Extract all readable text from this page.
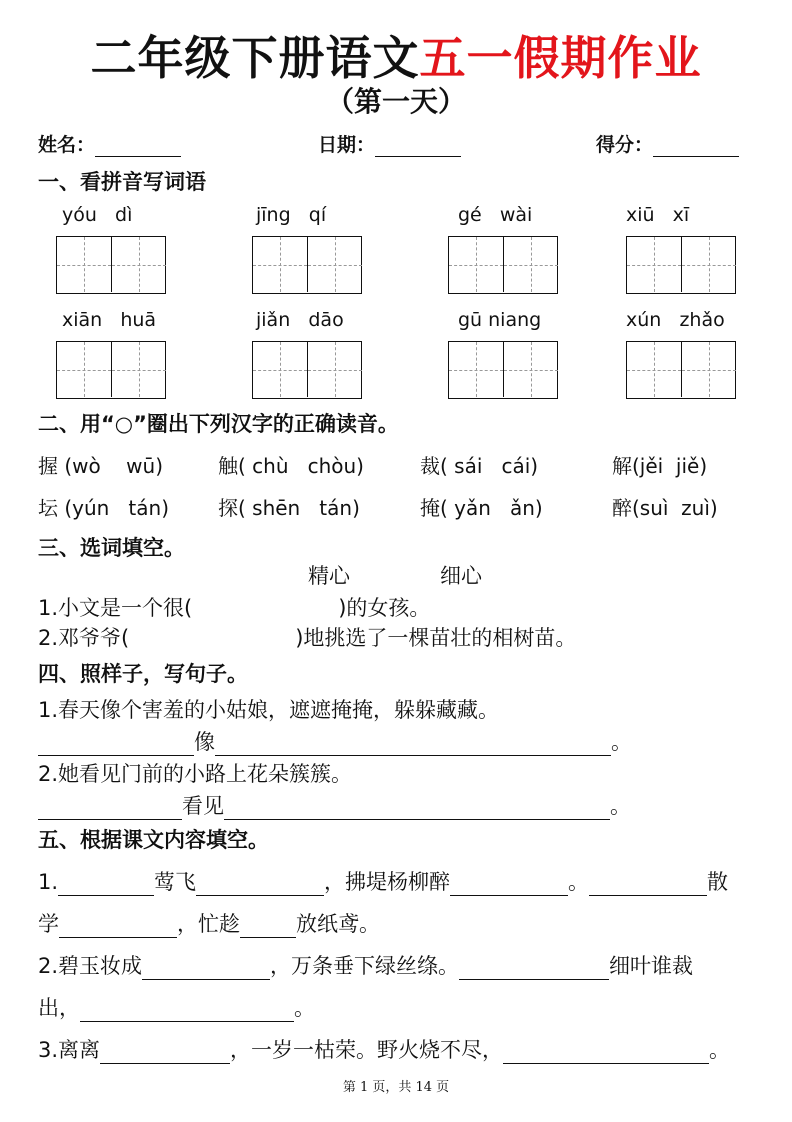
二年级下册语文五一假期作业
（第一天）
姓名：	日期：	得分：
一、看拼音写词语
yóu   dì	jīng   qí	gé   wài	xiū   xī
xiān   huā	jiǎn   dāo	gū niang	xún   zhǎo
二、用“○”圈出下列汉字的正确读音。
握 (wò    wū)	触( chù   chòu)	裁( sái   cái)	解(jěi  jiě)
坛 (yún   tán) 探( shēn   tán)	掩( yǎn   ǎn)	醉(suì  zuì)
三、选词填空。
精心	细心
1.小文是一个很(	)的女孩。
2.邓爷爷(	)地挑选了一棵苗壮的相树苗。
四、照样子，写句子。
1.春天像个害羞的小姑娘，遮遮掩掩，躲躲藏藏。
像	。
2.她看见门前的小路上花朵簇簇。
看见	。
五、根据课文内容填空。
1.	莺飞	，拂堤杨柳醉	。	散
学	，忙趁	放纸鸢。
2.碧玉妆成	，万条垂下绿丝绦。	细叶谁裁
出，	。
3.离离	，一岁一枯荣。野火烧不尽，	。
第 1 页，共 14 页
